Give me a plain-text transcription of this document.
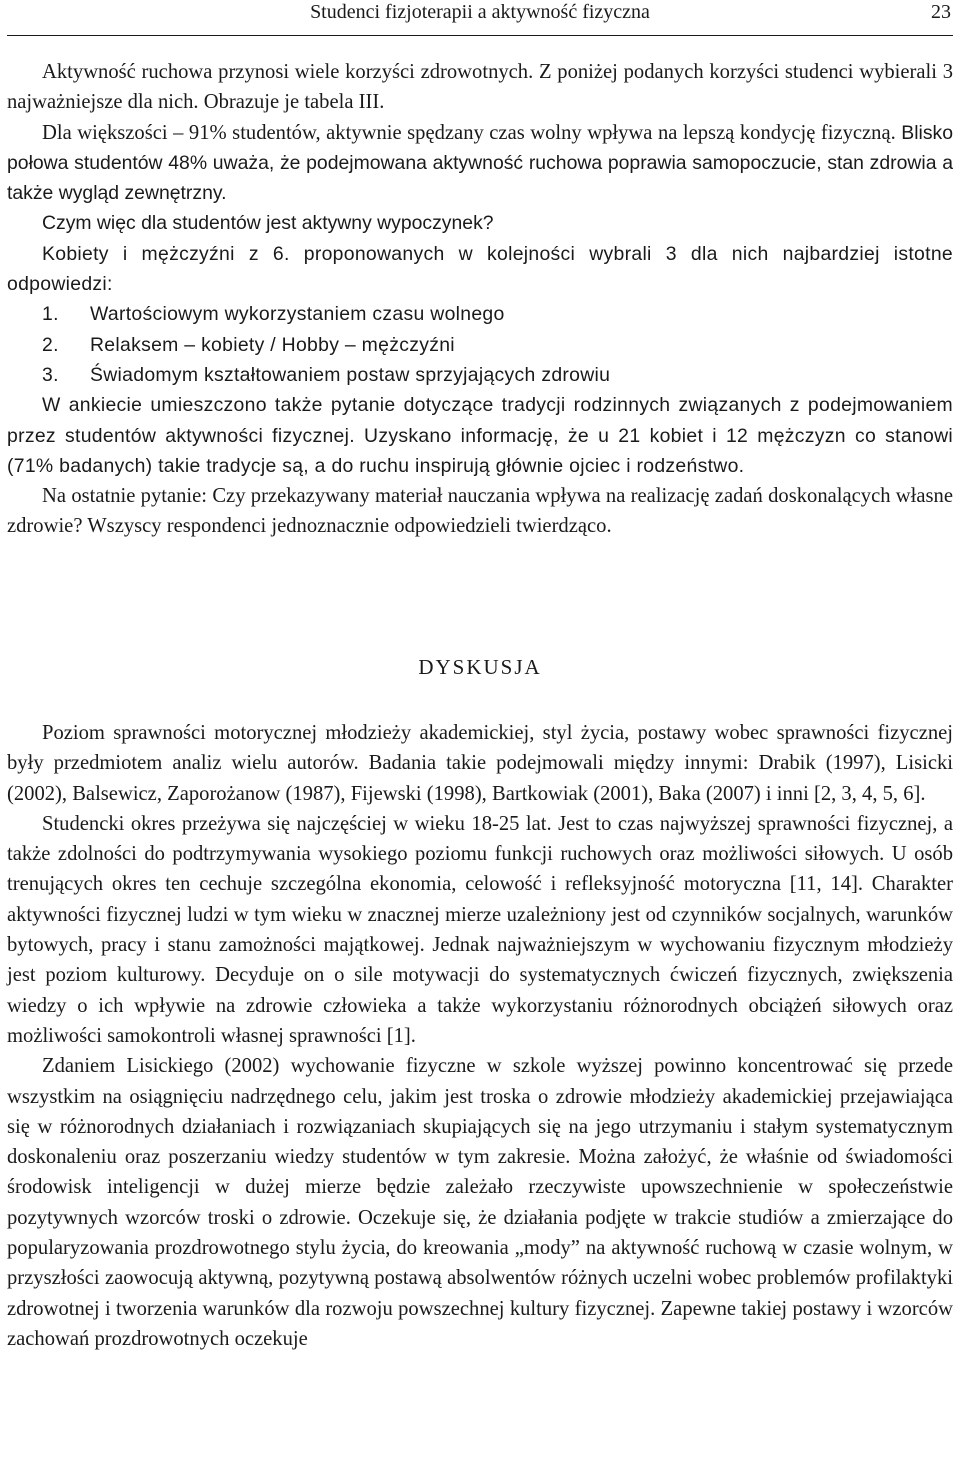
Studenci fizjoterapii a aktywność fizyczna	23

Aktywność ruchowa przynosi wiele korzyści zdrowotnych. Z poniżej podanych korzyści studenci wybierali 3 najważniejsze dla nich. Obrazuje je tabela III.

Dla większości – 91% studentów, aktywnie spędzany czas wolny wpływa na lepszą kondycję fizyczną. Blisko połowa studentów 48% uważa, że podejmowana aktywność ruchowa poprawia samopoczucie, stan zdrowia a także wygląd zewnętrzny.

Czym więc dla studentów jest aktywny wypoczynek?

Kobiety i mężczyźni z 6. proponowanych w kolejności wybrali 3 dla nich najbardziej istotne odpowiedzi:

1. Wartościowym wykorzystaniem czasu wolnego
2. Relaksem – kobiety / Hobby – mężczyźni
3. Świadomym kształtowaniem postaw sprzyjających zdrowiu

W ankiecie umieszczono także pytanie dotyczące tradycji rodzinnych związanych z podejmowaniem przez studentów aktywności fizycznej. Uzyskano informację, że u 21 kobiet i 12 mężczyzn co stanowi (71% badanych) takie tradycje są, a do ruchu inspirują głównie ojciec i rodzeństwo.

Na ostatnie pytanie: Czy przekazywany materiał nauczania wpływa na realizację zadań doskonalących własne zdrowie? Wszyscy respondenci jednoznacznie odpowiedzieli twierdząco.

DYSKUSJA

Poziom sprawności motorycznej młodzieży akademickiej, styl życia, postawy wobec sprawności fizycznej były przedmiotem analiz wielu autorów. Badania takie podejmowali między innymi: Drabik (1997), Lisicki (2002), Balsewicz, Zaporożanow (1987), Fijewski (1998), Bartkowiak (2001), Baka (2007) i inni [2, 3, 4, 5, 6].

Studencki okres przeżywa się najczęściej w wieku 18-25 lat. Jest to czas najwyższej sprawności fizycznej, a także zdolności do podtrzymywania wysokiego poziomu funkcji ruchowych oraz możliwości siłowych. U osób trenujących okres ten cechuje szczególna ekonomia, celowość i refleksyjność motoryczna [11, 14]. Charakter aktywności fizycznej ludzi w tym wieku w znacznej mierze uzależniony jest od czynników socjalnych, warunków bytowych, pracy i stanu zamożności majątkowej. Jednak najważniejszym w wychowaniu fizycznym młodzieży jest poziom kulturowy. Decyduje on o sile motywacji do systematycznych ćwiczeń fizycznych, zwiększenia wiedzy o ich wpływie na zdrowie człowieka a także wykorzystaniu różnorodnych obciążeń siłowych oraz możliwości samokontroli własnej sprawności [1].

Zdaniem Lisickiego (2002) wychowanie fizyczne w szkole wyższej powinno koncentrować się przede wszystkim na osiągnięciu nadrzędnego celu, jakim jest troska o zdrowie młodzieży akademickiej przejawiająca się w różnorodnych działaniach i rozwiązaniach skupiających się na jego utrzymaniu i stałym systematycznym doskonaleniu oraz poszerzaniu wiedzy studentów w tym zakresie. Można założyć, że właśnie od świadomości środowisk inteligencji w dużej mierze będzie zależało rzeczywiste upowszechnienie w społeczeństwie pozytywnych wzorców troski o zdrowie. Oczekuje się, że działania podjęte w trakcie studiów a zmierzające do popularyzowania prozdrowotnego stylu życia, do kreowania „mody” na aktywność ruchową w czasie wolnym, w przyszłości zaowocują aktywną, pozytywną postawą absolwentów różnych uczelni wobec problemów profilaktyki zdrowotnej i tworzenia warunków dla rozwoju powszechnej kultury fizycznej. Zapewne takiej postawy i wzorców zachowań prozdrowotnych oczekuje
